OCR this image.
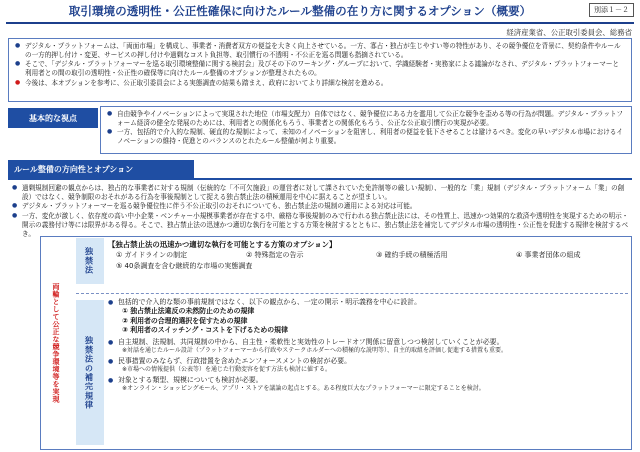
取引環境の透明性・公正性確保に向けたルール整備の在り方に関するオプション（概要）	別添１－２
経済産業省、公正取引委員会、総務省
● デジタル・プラットフォームは、「両面市場」を構成し、事業者・消費者双方の便益を大きく向上させている。一方、寡占・独占が生じやすい等の特性があり、その競争優位を背景に、契約条件やルールの一方的押し付け・変更、サービスの押し付けや過剰なコスト負担等、取引慣行の不透明・不公正を巡る問題も指摘されている。
● そこで、「デジタル・プラットフォーマーを巡る取引環境整備に関する検討会」及びその下のワーキング・グループにおいて、学識経験者・実務家による議論がなされ、デジタル・プラットフォーマーと利用者との間の取引の透明性・公正性の確保等に向けたルール整備のオプションが整理されたもの。
● 今後は、本オプションを参考に、公正取引委員会による実態調査の結果も踏まえ、政府においてより詳細な検討を進める。
基本的な視点
●	自由競争やイノベーションによって実現された地位（市場支配力）自体ではなく、競争優位にある力を濫用して公正な競争を歪める等の行為が問題。デジタル・プラットフォーム経済の健全な発展のためには、利用者との関係化もろう、事業者との関係化もろう、公正な公正取引慣行の実現が必要。
● 一方、包括的で介入的な規制、硬直的な規制によって、未知のイノベーションを阻害し、利用者の便益を低下させることは避けるべき。変化の早いデジタル市場におけるイノベーションの維持・促進とのバランスのとれたルール整備が何より重要。
ルール整備の方向性とオプション
● 過剰規制回避の観点からは、独占的な事業者に対する規制（伝統的な「不可欠施設」の運営者に対して課されていた免許制等の厳しい規制）、一般的な「業」規制（デジタル・プラットフォーム「業」の創設）ではなく、競争制限のおそれがある行為を事後規制として捉える独占禁止法の積極運用を中心に据えることが望ましい。
● デジタル・プラットフォーマーを巡る競争優位性に伴う不公正取引のおそれについても、独占禁止法の規制の適用による対応は可能。
● 一方、変化が激しく、依存度の高い中小企業・ベンチャー小規模事業者が存在する中、厳格な事後規制のみで行われる独占禁止法には、その性質上、迅速かつ効果的な救済や透明性を実現するための明示・開示の義務付け等には限界がある得る。そこで、独占禁止法の迅速かつ適切な執行を可能とする方策を検討するとともに、独占禁止法を補完してデジタル市場の透明性・公正性を促進する規律を検討するべき。
両輪として公正な競争環境等を実現
独禁法
【独占禁止法の迅速かつ適切な執行を可能とする方策のオプション】
① ガイドラインの制定	② 特殊指定の告示	③ 確約手続の積極活用	④ 事業者団体の組成
⑤ 40条調査を含む継続的な市場の実態調査
独禁法の補完規律
● 包括的で介入的な類の事前規制ではなく、以下の観点から、一定の開示・明示義務を中心に設計。
① 独占禁止法違反の未然防止のための規律
② 利用者の合理的選択を促すための規律
③ 利用者のスイッチング・コストを下げるための規律
● 自主規制、法規制、共同規制の中から、自主性・柔軟性と実効性のトレードオフ関係に留意しつつ検討していくことが必要。
※対話を通じたルール設計（プラットフォーマーから行政やステークホルダーへの積極的な説明等）、自主的取組を評価し促進する措置も重要。
● 民事措置のみならず、行政措置を含めたエンフォースメントの検討が必要。
※市場への情報提供（公表等）を通じた行動変容を促す方法も検討に値する。
● 対象とする類型、規模についても検討が必要。
※オンライン・ショッピングモール、アプリ・ストアを議論の起点とする。ある程度巨大なプラットフォーマーに限定することを検討。
